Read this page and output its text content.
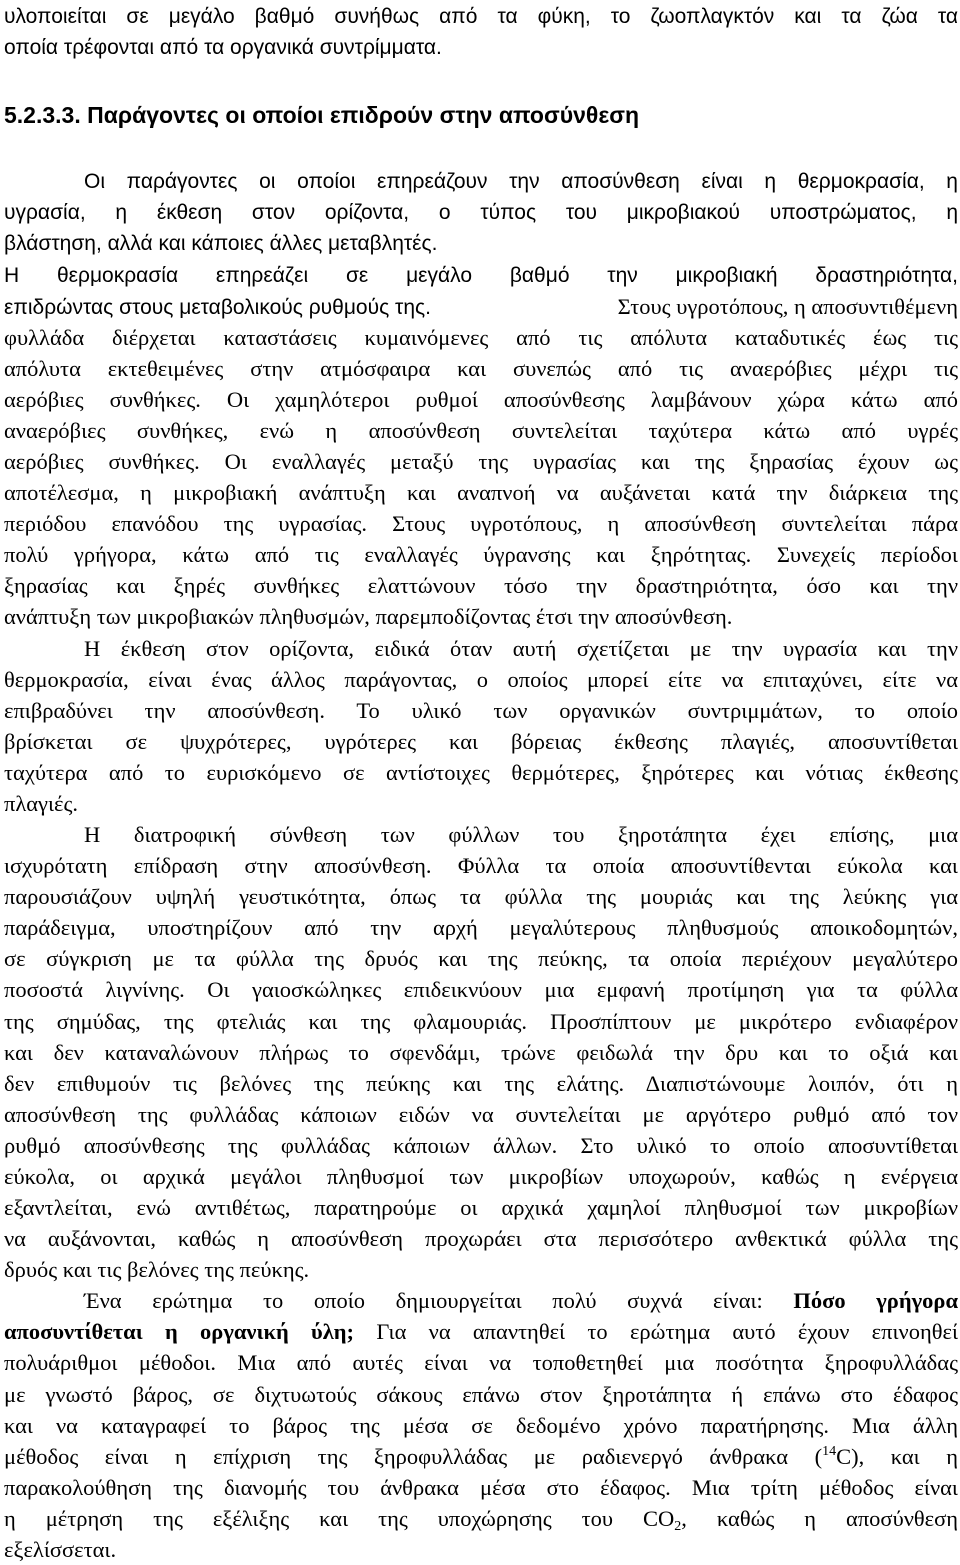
υλοποιείται σε μεγάλο βαθμό συνήθως από τα φύκη, το ζωοπλαγκτόν και τα ζώα τα
οποία τρέφονται από τα οργανικά συντρίμματα.
5.2.3.3. Παράγοντες οι οποίοι επιδρούν στην αποσύνθεση
Οι παράγοντες οι οποίοι επηρεάζουν την αποσύνθεση είναι η θερμοκρασία, η
υγρασία, η έκθεση στον ορίζοντα, ο τύπος του μικροβιακού υποστρώματος, η
βλάστηση, αλλά και κάποιες άλλες μεταβλητές.
Η θερμοκρασία επηρεάζει σε μεγάλο βαθμό την μικροβιακή δραστηριότητα,
επιδρώντας στους μεταβολικούς ρυθμούς της.	Στους υγροτόπους, η αποσυντιθέμενη
φυλλάδα διέρχεται καταστάσεις κυμαινόμενες από τις απόλυτα καταδυτικές έως τις
απόλυτα εκτεθειμένες στην ατμόσφαιρα και συνεπώς από τις αναερόβιες μέχρι τις
αερόβιες συνθήκες. Οι χαμηλότεροι ρυθμοί αποσύνθεσης λαμβάνουν χώρα κάτω από
αναερόβιες συνθήκες, ενώ η αποσύνθεση συντελείται ταχύτερα κάτω από υγρές
αερόβιες συνθήκες. Οι εναλλαγές μεταξύ της υγρασίας και της ξηρασίας έχουν ως
αποτέλεσμα, η μικροβιακή ανάπτυξη και αναπνοή να αυξάνεται κατά την διάρκεια της
περιόδου επανόδου της υγρασίας. Στους υγροτόπους, η αποσύνθεση συντελείται πάρα
πολύ γρήγορα, κάτω από τις εναλλαγές ύγρανσης και ξηρότητας. Συνεχείς περίοδοι
ξηρασίας και ξηρές συνθήκες ελαττώνουν τόσο την δραστηριότητα, όσο και την
ανάπτυξη των μικροβιακών πληθυσμών, παρεμποδίζοντας έτσι την αποσύνθεση.
Η έκθεση στον ορίζοντα, ειδικά όταν αυτή σχετίζεται με την υγρασία και την
θερμοκρασία, είναι ένας άλλος παράγοντας, ο οποίος μπορεί είτε να επιταχύνει, είτε να
επιβραδύνει την αποσύνθεση. Το υλικό των οργανικών συντριμμάτων, το οποίο
βρίσκεται σε ψυχρότερες, υγρότερες και βόρειας έκθεσης πλαγιές, αποσυντίθεται
ταχύτερα από το ευρισκόμενο σε αντίστοιχες θερμότερες, ξηρότερες και νότιας έκθεσης
πλαγιές.
Η διατροφική σύνθεση των φύλλων του ξηροτάπητα έχει επίσης, μια
ισχυρότατη επίδραση στην αποσύνθεση. Φύλλα τα οποία αποσυντίθενται εύκολα και
παρουσιάζουν υψηλή γευστικότητα, όπως τα φύλλα της μουριάς και της λεύκης για
παράδειγμα, υποστηρίζουν από την αρχή μεγαλύτερους πληθυσμούς αποικοδομητών,
σε σύγκριση με τα φύλλα της δρυός και της πεύκης, τα οποία περιέχουν μεγαλύτερο
ποσοστά λιγνίνης. Οι γαιοσκώληκες επιδεικνύουν μια εμφανή προτίμηση για τα φύλλα
της σημύδας, της φτελιάς και της φλαμουριάς. Προσπίπτουν με μικρότερο ενδιαφέρον
και δεν καταναλώνουν πλήρως το σφενδάμι, τρώνε φειδωλά την δρυ και το οξιά και
δεν επιθυμούν τις βελόνες της πεύκης και της ελάτης. Διαπιστώνουμε λοιπόν, ότι η
αποσύνθεση της φυλλάδας κάποιων ειδών να συντελείται με αργότερο ρυθμό από τον
ρυθμό αποσύνθεσης της φυλλάδας κάποιων άλλων. Στο υλικό το οποίο αποσυντίθεται
εύκολα, οι αρχικά μεγάλοι πληθυσμοί των μικροβίων υποχωρούν, καθώς η ενέργεια
εξαντλείται, ενώ αντιθέτως, παρατηρούμε οι αρχικά χαμηλοί πληθυσμοί των μικροβίων
να αυξάνονται, καθώς η αποσύνθεση προχωράει στα περισσότερο ανθεκτικά φύλλα της
δρυός και τις βελόνες της πεύκης.
Ένα ερώτημα το οποίο δημιουργείται πολύ συχνά είναι: Πόσο γρήγορα
αποσυντίθεται η οργανική ύλη; Για να απαντηθεί το ερώτημα αυτό έχουν επινοηθεί
πολυάριθμοι μέθοδοι. Μια από αυτές είναι να τοποθετηθεί μια ποσότητα ξηροφυλλάδας
με γνωστό βάρος, σε διχτυωτούς σάκους επάνω στον ξηροτάπητα ή επάνω στο έδαφος
και να καταγραφεί το βάρος της μέσα σε δεδομένο χρόνο παρατήρησης. Μια άλλη
μέθοδος είναι η επίχριση της ξηροφυλλάδας με ραδιενεργό άνθρακα ($^{14}$C), και η
παρακολούθηση της διανομής του άνθρακα μέσα στο έδαφος. Μια τρίτη μέθοδος είναι
η μέτρηση της εξέλιξης και της υποχώρησης του $CO_2$, καθώς η αποσύνθεση
εξελίσσεται.
